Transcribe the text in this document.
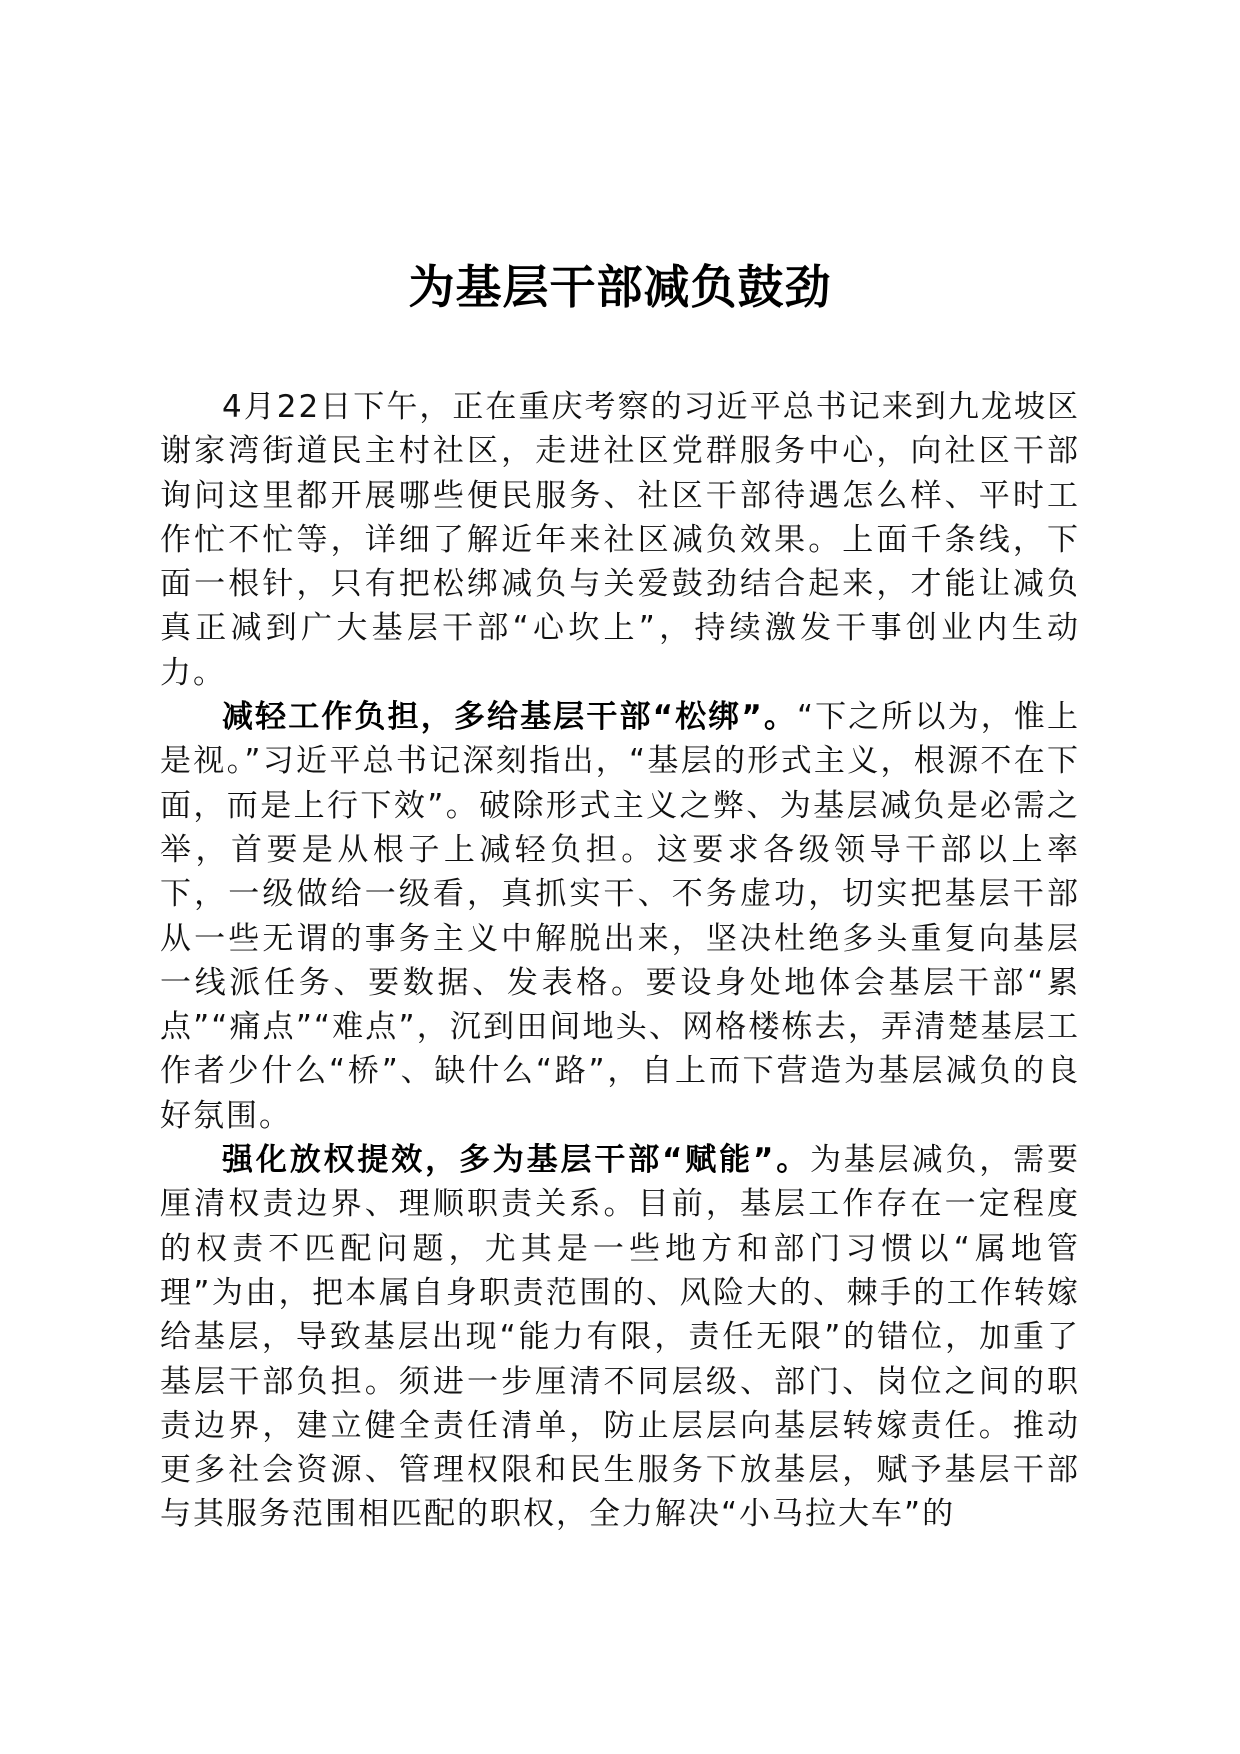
为基层干部减负鼓劲

4月22日下午，正在重庆考察的习近平总书记来到九龙坡区谢家湾街道民主村社区，走进社区党群服务中心，向社区干部询问这里都开展哪些便民服务、社区干部待遇怎么样、平时工作忙不忙等，详细了解近年来社区减负效果。上面千条线，下面一根针，只有把松绑减负与关爱鼓劲结合起来，才能让减负真正减到广大基层干部“心坎上”，持续激发干事创业内生动力。

减轻工作负担，多给基层干部“松绑”。“下之所以为，惟上是视。”习近平总书记深刻指出，“基层的形式主义，根源不在下面，而是上行下效”。破除形式主义之弊、为基层减负是必需之举，首要是从根子上减轻负担。这要求各级领导干部以上率下，一级做给一级看，真抓实干、不务虚功，切实把基层干部从一些无谓的事务主义中解脱出来，坚决杜绝多头重复向基层一线派任务、要数据、发表格。要设身处地体会基层干部“累点”“痛点”“难点”，沉到田间地头、网格楼栋去，弄清楚基层工作者少什么“桥”、缺什么“路”，自上而下营造为基层减负的良好氛围。

强化放权提效，多为基层干部“赋能”。为基层减负，需要厘清权责边界、理顺职责关系。目前，基层工作存在一定程度的权责不匹配问题，尤其是一些地方和部门习惯以“属地管理”为由，把本属自身职责范围的、风险大的、棘手的工作转嫁给基层，导致基层出现“能力有限，责任无限”的错位，加重了基层干部负担。须进一步厘清不同层级、部门、岗位之间的职责边界，建立健全责任清单，防止层层向基层转嫁责任。推动更多社会资源、管理权限和民生服务下放基层，赋予基层干部与其服务范围相匹配的职权，全力解决“小马拉大车”的
